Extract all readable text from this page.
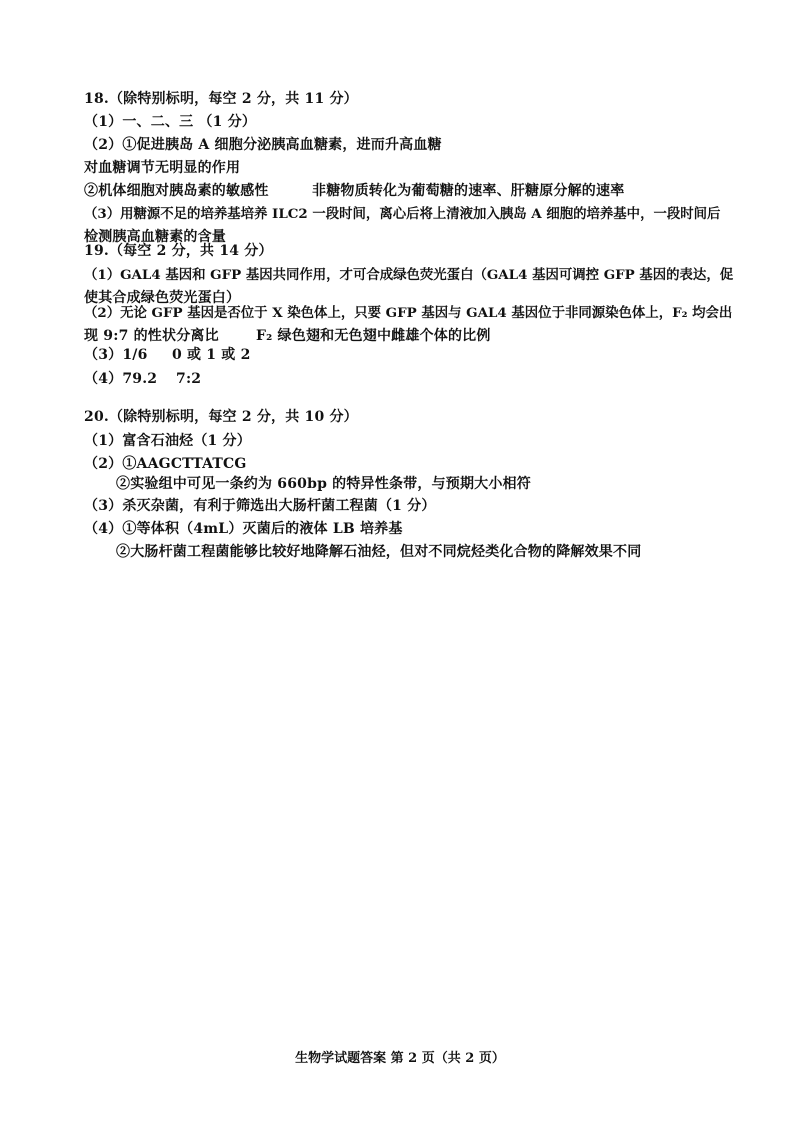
18.（除特别标明，每空 2 分，共 11 分）
（1）一、二、三 （1 分）
（2）①促进胰岛 A 细胞分泌胰高血糖素，进而升高血糖
对血糖调节无明显的作用
②机体细胞对胰岛素的敏感性	非糖物质转化为葡萄糖的速率、肝糖原分解的速率
（3）用糖源不足的培养基培养 ILC2 一段时间，离心后将上清液加入胰岛 A 细胞的培养基中，一段时间后
检测胰高血糖素的含量
19.（每空 2 分，共 14 分）
（1）GAL4 基因和 GFP 基因共同作用，才可合成绿色荧光蛋白（GAL4 基因可调控 GFP 基因的表达，促
使其合成绿色荧光蛋白）
（2）无论 GFP 基因是否位于 X 染色体上，只要 GFP 基因与 GAL4 基因位于非同源染色体上，F₂ 均会出
现 9:7 的性状分离比	F₂ 绿色翅和无色翅中雌雄个体的比例
（3）1/6 0 或 1 或 2
（4）79.2 7:2
20.（除特别标明，每空 2 分，共 10 分）
（1）富含石油烃（1 分）
（2）①AAGCTTATCG
②实验组中可见一条约为 660bp 的特异性条带，与预期大小相符
（3）杀灭杂菌，有利于筛选出大肠杆菌工程菌（1 分）
（4）①等体积（4mL）灭菌后的液体 LB 培养基
②大肠杆菌工程菌能够比较好地降解石油烃，但对不同烷烃类化合物的降解效果不同
生物学试题答案 第 2 页（共 2 页）
